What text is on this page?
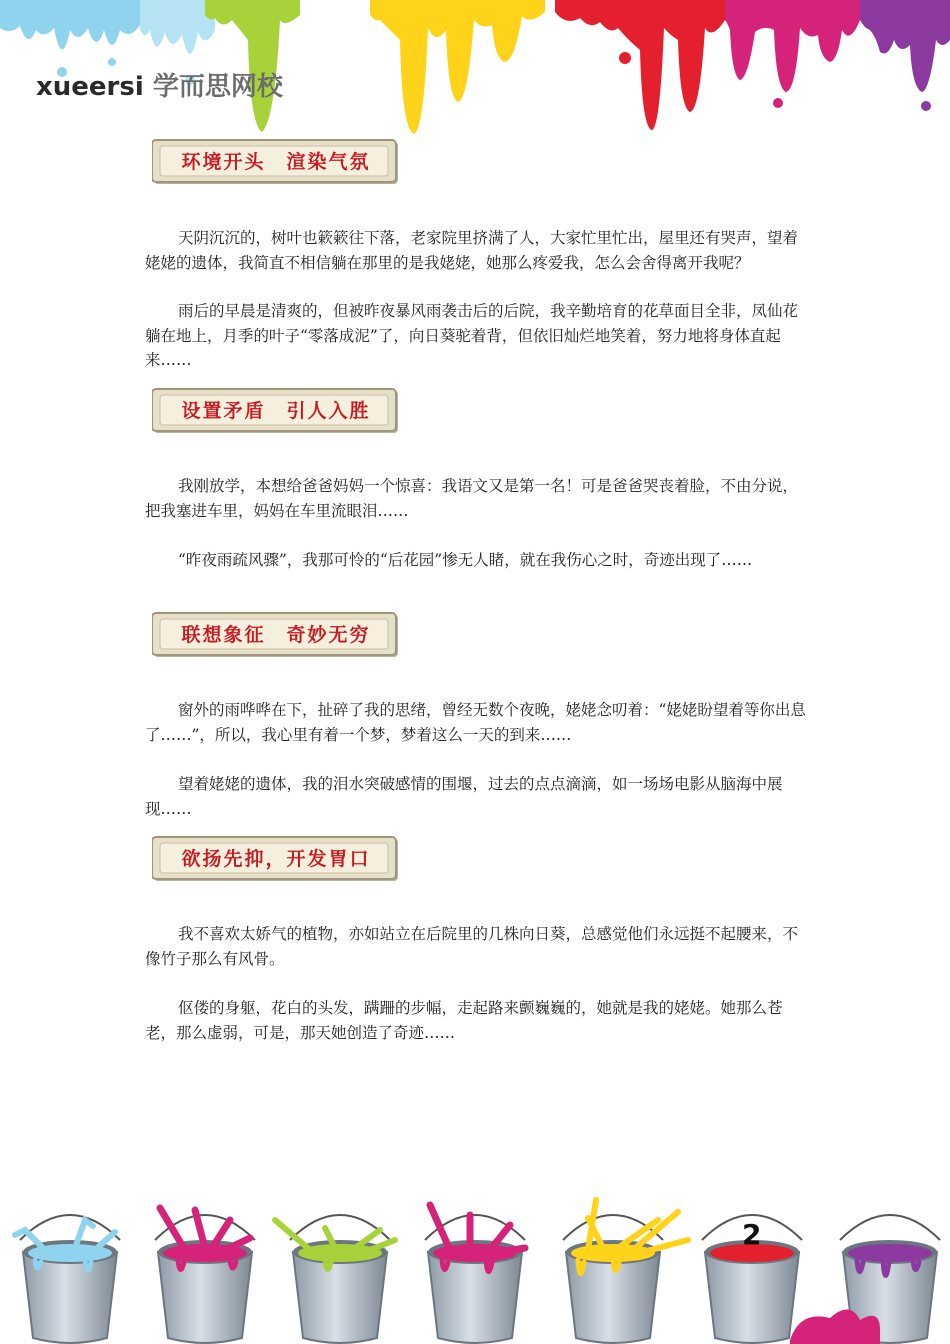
xueersi 学而思网校
环境开头　渲染气氛

天阴沉沉的，树叶也簌簌往下落，老家院里挤满了人，大家忙里忙出，屋里还有哭声，望着姥姥的遗体，我简直不相信躺在那里的是我姥姥，她那么疼爱我，怎么会舍得离开我呢？

雨后的早晨是清爽的，但被昨夜暴风雨袭击后的后院，我辛勤培育的花草面目全非，凤仙花躺在地上，月季的叶子“零落成泥”了，向日葵驼着背，但依旧灿烂地笑着，努力地将身体直起来……

设置矛盾　引人入胜

我刚放学，本想给爸爸妈妈一个惊喜：我语文又是第一名！可是爸爸哭丧着脸，不由分说，把我塞进车里，妈妈在车里流眼泪……

“昨夜雨疏风骤”，我那可怜的“后花园”惨无人睹，就在我伤心之时，奇迹出现了……

联想象征　奇妙无穷

窗外的雨哗哗在下，扯碎了我的思绪，曾经无数个夜晚，姥姥念叨着：“姥姥盼望着等你出息了……”，所以，我心里有着一个梦，梦着这么一天的到来……

望着姥姥的遗体，我的泪水突破感情的围堰，过去的点点滴滴，如一场场电影从脑海中展现……

欲扬先抑，开发胃口

我不喜欢太娇气的植物，亦如站立在后院里的几株向日葵，总感觉他们永远挺不起腰来，不像竹子那么有风骨。

伛偻的身躯，花白的头发，蹒跚的步幅，走起路来颤巍巍的，她就是我的姥姥。她那么苍老，那么虚弱，可是，那天她创造了奇迹……

2
